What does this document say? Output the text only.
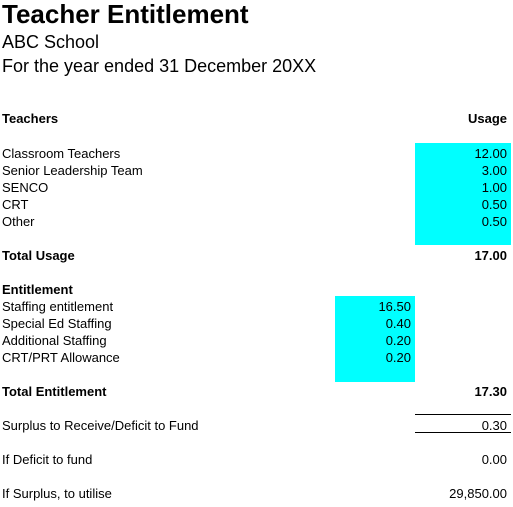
Teacher Entitlement
ABC School
For the year ended 31 December 20XX
Teachers	Usage
Classroom Teachers	12.00
Senior Leadership Team	3.00
SENCO	1.00
CRT	0.50
Other	0.50
Total Usage	17.00
Entitlement
Staffing entitlement	16.50
Special Ed Staffing	0.40
Additional Staffing	0.20
CRT/PRT Allowance	0.20
Total Entitlement	17.30
Surplus to Receive/Deficit to Fund	0.30
If Deficit to fund	0.00
If Surplus, to utilise	29,850.00
